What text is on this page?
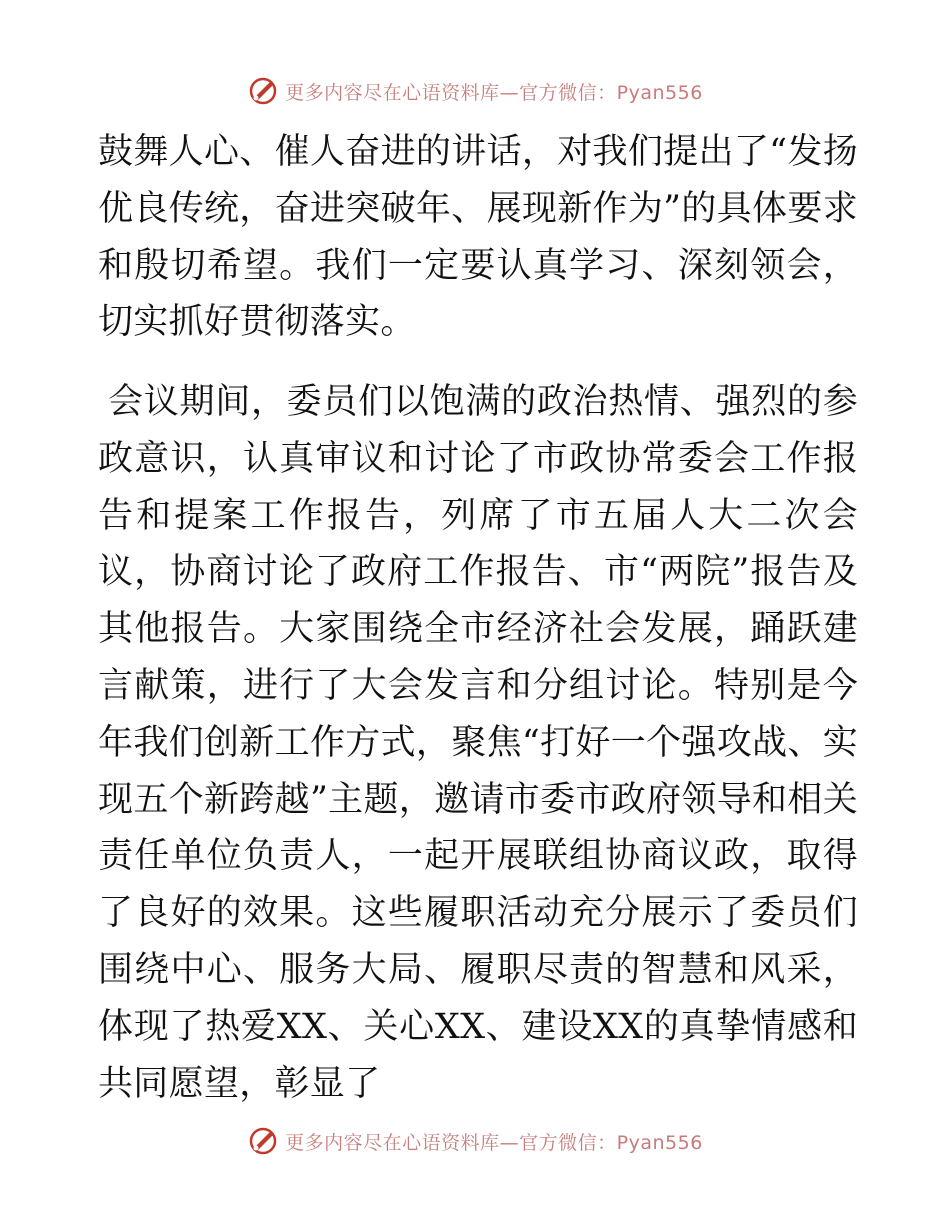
更多内容尽在心语资料库—官方微信：Pyan556

鼓舞人心、催人奋进的讲话，对我们提出了“发扬优良传统，奋进突破年、展现新作为”的具体要求和殷切希望。我们一定要认真学习、深刻领会，切实抓好贯彻落实。

会议期间，委员们以饱满的政治热情、强烈的参政意识，认真审议和讨论了市政协常委会工作报告和提案工作报告，列席了市五届人大二次会议，协商讨论了政府工作报告、市“两院”报告及其他报告。大家围绕全市经济社会发展，踊跃建言献策，进行了大会发言和分组讨论。特别是今年我们创新工作方式，聚焦“打好一个强攻战、实现五个新跨越”主题，邀请市委市政府领导和相关责任单位负责人，一起开展联组协商议政，取得了良好的效果。这些履职活动充分展示了委员们围绕中心、服务大局、履职尽责的智慧和风采，体现了热爱XX、关心XX、建设XX的真挚情感和共同愿望，彰显了

更多内容尽在心语资料库—官方微信：Pyan556
